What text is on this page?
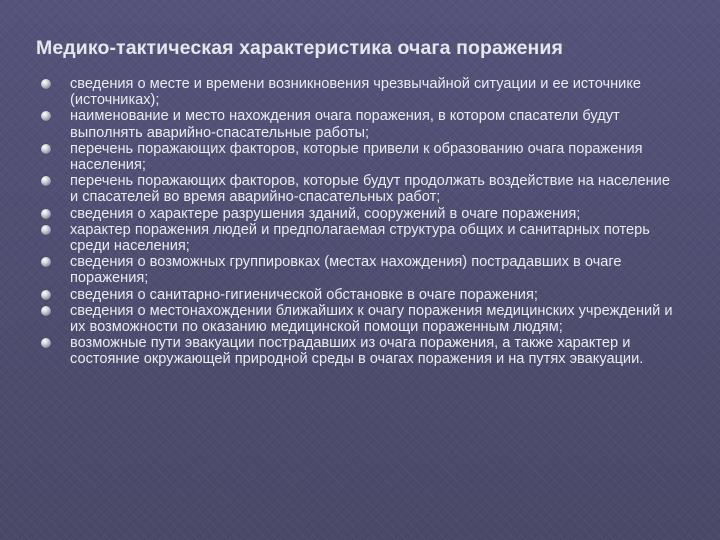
Медико-тактическая характеристика очага поражения
сведения о месте и времени возникновения чрезвычайной ситуации и ее источнике (источниках);
наименование и место нахождения очага поражения, в котором спасатели будут выполнять аварийно-спасательные работы;
перечень поражающих факторов, которые привели к образованию очага поражения населения;
перечень поражающих факторов, которые будут продолжать воздействие на население и спасателей во время аварийно-спасательных работ;
сведения о характере разрушения зданий, сооружений в очаге поражения;
характер поражения людей и предполагаемая структура общих и санитарных потерь среди населения;
сведения о возможных группировках (местах нахождения) пострадавших в очаге поражения;
сведения о санитарно-гигиенической обстановке в очаге поражения;
сведения о местонахождении ближайших к очагу поражения медицинских учреждений и их возможности по оказанию медицинской помощи пораженным людям;
возможные пути эвакуации пострадавших из очага поражения, а также характер и состояние окружающей природной среды в очагах поражения и на путях эвакуации.
